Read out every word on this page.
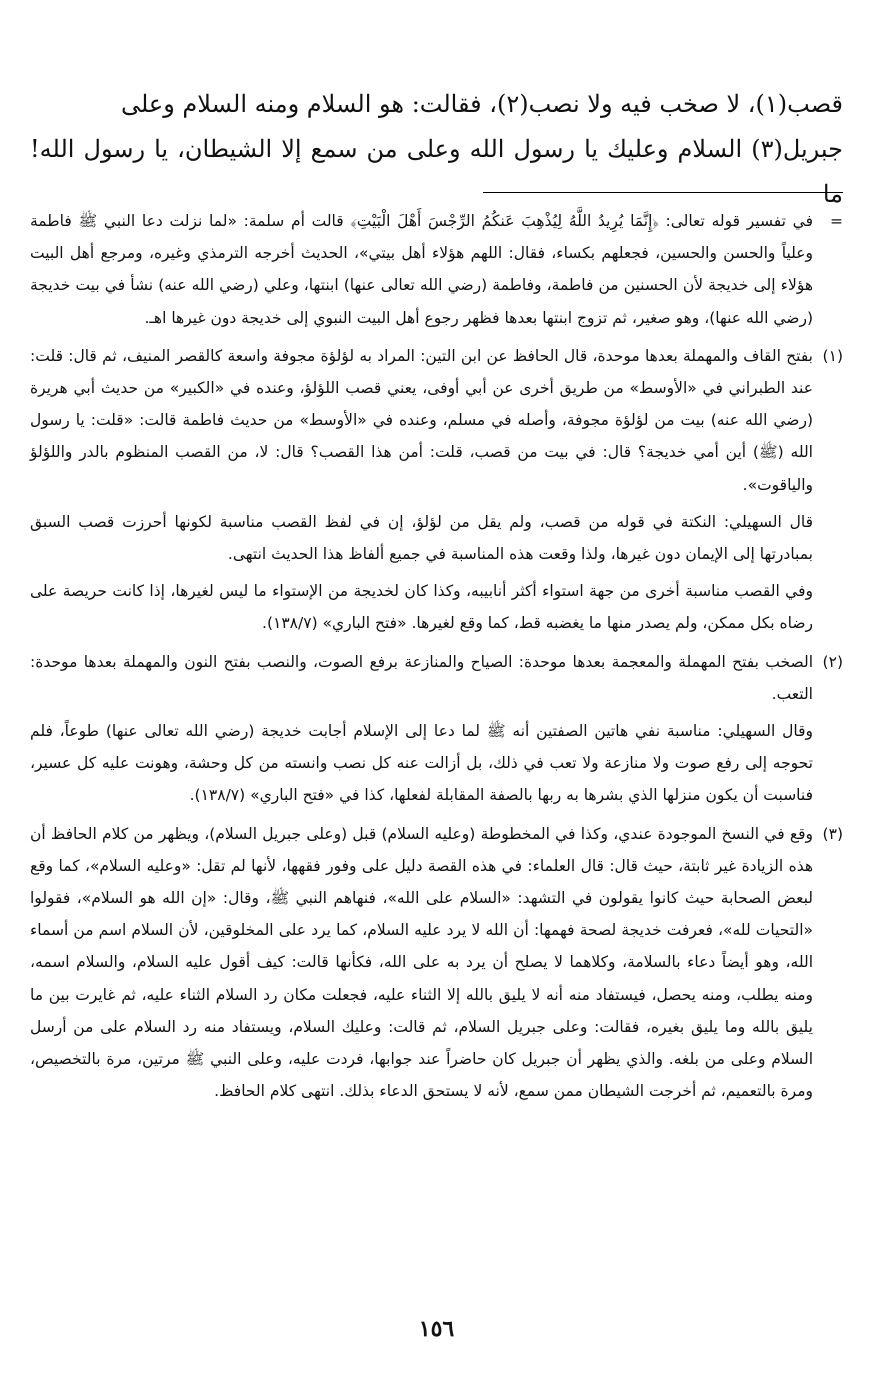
قصب(١)، لا صخب فيه ولا نصب(٢)، فقالت: هو السلام ومنه السلام وعلى

جبريل(٣) السلام وعليك يا رسول الله وعلى من سمع إلا الشيطان، يا رسول الله! ما

=

في تفسير قوله تعالى: ﴿إِنَّمَا يُرِيدُ اللَّهُ لِيُذْهِبَ عَنكُمُ الرِّجْسَ أَهْلَ الْبَيْتِ﴾ قالت أم سلمة: «لما نزلت دعا النبي ﷺ فاطمة وعلياً والحسن والحسين، فجعلهم بكساء، فقال: اللهم هؤلاء أهل بيتي»، الحديث أخرجه الترمذي وغيره، ومرجع أهل البيت هؤلاء إلى خديجة لأن الحسنين من فاطمة، وفاطمة (رضي الله تعالى عنها) ابنتها، وعلي (رضي الله عنه) نشأ في بيت خديجة (رضي الله عنها)، وهو صغير، ثم تزوج ابنتها بعدها فظهر رجوع أهل البيت النبوي إلى خديجة دون غيرها اهـ.

(١)

بفتح القاف والمهملة بعدها موحدة، قال الحافظ عن ابن التين: المراد به لؤلؤة مجوفة واسعة كالقصر المنيف، ثم قال: قلت: عند الطبراني في «الأوسط» من طريق أخرى عن أبي أوفى، يعني قصب اللؤلؤ، وعنده في «الكبير» من حديث أبي هريرة (رضي الله عنه) بيت من لؤلؤة مجوفة، وأصله في مسلم، وعنده في «الأوسط» من حديث فاطمة قالت: «قلت: يا رسول الله (ﷺ) أين أمي خديجة؟ قال: في بيت من قصب، قلت: أمن هذا القصب؟ قال: لا، من القصب المنظوم بالدر واللؤلؤ والياقوت».

قال السهيلي: النكتة في قوله من قصب، ولم يقل من لؤلؤ، إن في لفظ القصب مناسبة لكونها أحرزت قصب السبق بمبادرتها إلى الإيمان دون غيرها، ولذا وقعت هذه المناسبة في جميع ألفاظ هذا الحديث انتهى.

وفي القصب مناسبة أخرى من جهة استواء أكثر أنابيبه، وكذا كان لخديجة من الإستواء ما ليس لغيرها، إذا كانت حريصة على رضاه بكل ممكن، ولم يصدر منها ما يغضبه قط، كما وقع لغيرها. «فتح الباري» (١٣٨/٧).

(٢)

الصخب بفتح المهملة والمعجمة بعدها موحدة: الصياح والمنازعة برفع الصوت، والنصب بفتح النون والمهملة بعدها موحدة: التعب.

وقال السهيلي: مناسبة نفي هاتين الصفتين أنه ﷺ لما دعا إلى الإسلام أجابت خديجة (رضي الله تعالى عنها) طوعاً، فلم تحوجه إلى رفع صوت ولا منازعة ولا تعب في ذلك، بل أزالت عنه كل نصب وانسته من كل وحشة، وهونت عليه كل عسير، فناسبت أن يكون منزلها الذي بشرها به ربها بالصفة المقابلة لفعلها، كذا في «فتح الباري» (١٣٨/٧).

(٣)

وقع في النسخ الموجودة عندي، وكذا في المخطوطة (وعليه السلام) قبل (وعلى جبريل السلام)، ويظهر من كلام الحافظ أن هذه الزيادة غير ثابتة، حيث قال: قال العلماء: في هذه القصة دليل على وفور فقهها، لأنها لم تقل: «وعليه السلام»، كما وقع لبعض الصحابة حيث كانوا يقولون في التشهد: «السلام على الله»، فنهاهم النبي ﷺ، وقال: «إن الله هو السلام»، فقولوا «التحيات لله»، فعرفت خديجة لصحة فهمها: أن الله لا يرد عليه السلام، كما يرد على المخلوقين، لأن السلام اسم من أسماء الله، وهو أيضاً دعاء بالسلامة، وكلاهما لا يصلح أن يرد به على الله، فكأنها قالت: كيف أقول عليه السلام، والسلام اسمه، ومنه يطلب، ومنه يحصل، فيستفاد منه أنه لا يليق بالله إلا الثناء عليه، فجعلت مكان رد السلام الثناء عليه، ثم غايرت بين ما يليق بالله وما يليق بغيره، فقالت: وعلى جبريل السلام، ثم قالت: وعليك السلام، ويستفاد منه رد السلام على من أرسل السلام وعلى من بلغه. والذي يظهر أن جبريل كان حاضراً عند جوابها، فردت عليه، وعلى النبي ﷺ مرتين، مرة بالتخصيص، ومرة بالتعميم، ثم أخرجت الشيطان ممن سمع، لأنه لا يستحق الدعاء بذلك. انتهى كلام الحافظ.

١٥٦
